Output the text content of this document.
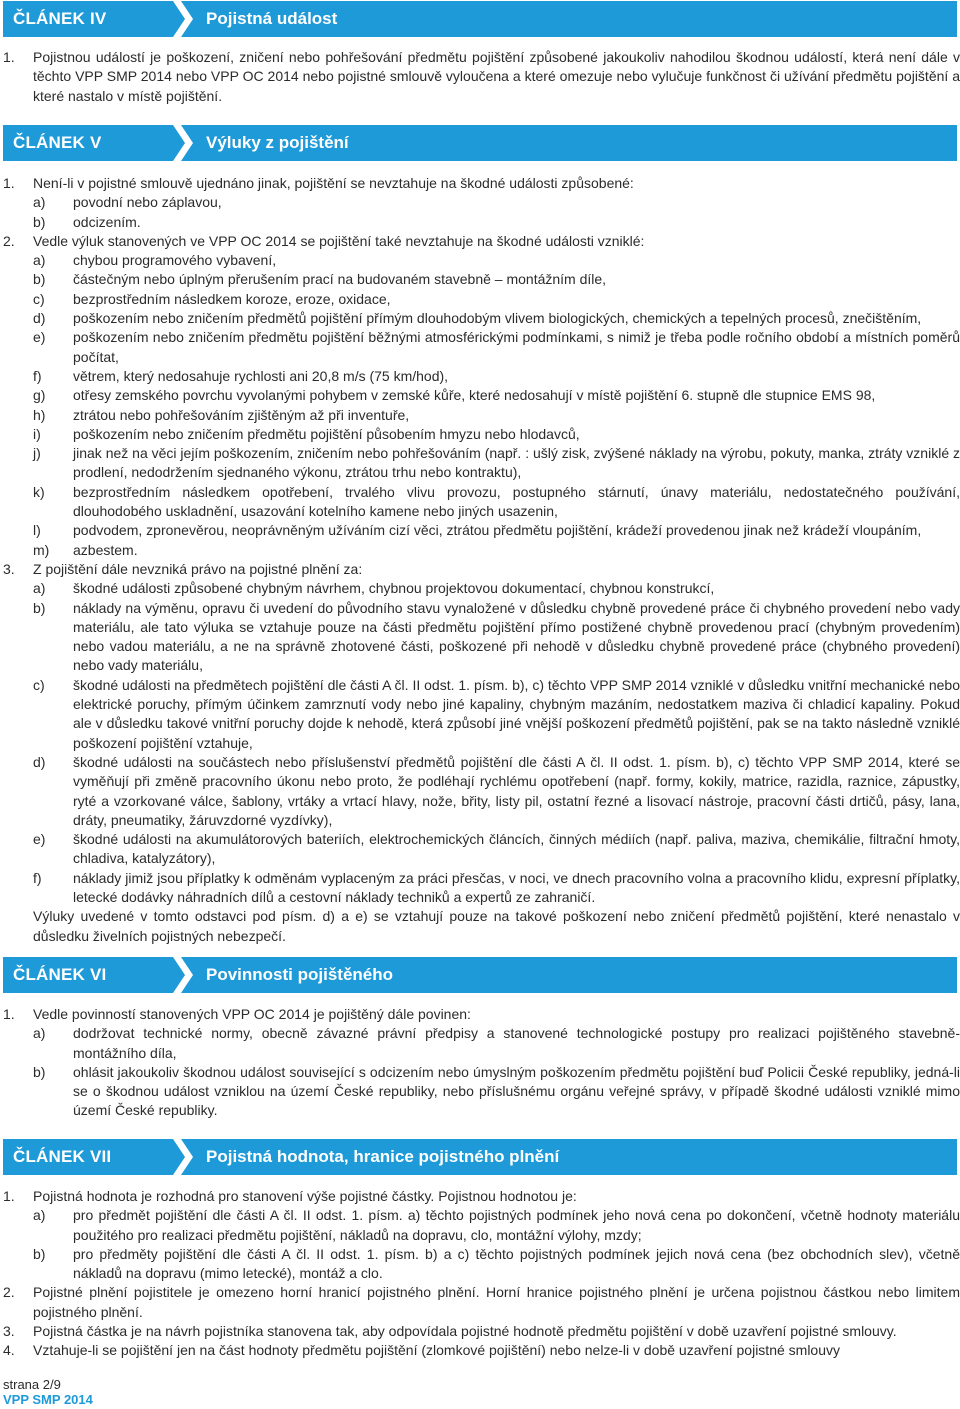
ČLÁNEK IV	Pojistná událost
1. Pojistnou událostí je poškození, zničení nebo pohřešování předmětu pojištění způsobené jakoukoliv nahodilou škodnou událostí, která není dále v těchto VPP SMP 2014 nebo VPP OC 2014 nebo pojistné smlouvě vyloučena a které omezuje nebo vylučuje funkčnost či užívání předmětu pojištění a které nastalo v místě pojištění.
ČLÁNEK V	Výluky z pojištění
1. Není-li v pojistné smlouvě ujednáno jinak, pojištění se nevztahuje na škodné události způsobené:
a) povodní nebo záplavou,
b) odcizením.
2. Vedle výluk stanovených ve VPP OC 2014 se pojištění také nevztahuje na škodné události vzniklé:
a) chybou programového vybavení,
b) částečným nebo úplným přerušením prací na budovaném stavebně – montážním díle,
c) bezprostředním následkem koroze, eroze, oxidace,
d) poškozením nebo zničením předmětů pojištění přímým dlouhodobým vlivem biologických, chemických a tepelných procesů, znečištěním,
e) poškozením nebo zničením předmětu pojištění běžnými atmosférickými podmínkami, s nimiž je třeba podle ročního období a místních poměrů počítat,
f) větrem, který nedosahuje rychlosti ani 20,8 m/s (75 km/hod),
g) otřesy zemského povrchu vyvolanými pohybem v zemské kůře, které nedosahují v místě pojištění 6. stupně dle stupnice EMS 98,
h) ztrátou nebo pohřešováním zjištěným až při inventuře,
i) poškozením nebo zničením předmětu pojištění působením hmyzu nebo hlodavců,
j) jinak než na věci jejím poškozením, zničením nebo pohřešováním (např. : ušlý zisk, zvýšené náklady na výrobu, pokuty, manka, ztráty vzniklé z prodlení, nedodržením sjednaného výkonu, ztrátou trhu nebo kontraktu),
k) bezprostředním následkem opotřebení, trvalého vlivu provozu, postupného stárnutí, únavy materiálu, nedostatečného používání, dlouhodobého uskladnění, usazování kotelního kamene nebo jiných usazenin,
l) podvodem, zpronevěrou, neoprávněným užíváním cizí věci, ztrátou předmětu pojištění, krádeží provedenou jinak než krádeží vloupáním,
m) azbestem.
3. Z pojištění dále nevzniká právo na pojistné plnění za:
a) škodné události způsobené chybným návrhem, chybnou projektovou dokumentací, chybnou konstrukcí,
b) náklady na výměnu, opravu či uvedení do původního stavu vynaložené v důsledku chybně provedené práce či chybného provedení nebo vady materiálu, ale tato výluka se vztahuje pouze na části předmětu pojištění přímo postižené chybně provedenou prací (chybným provedením) nebo vadou materiálu, a ne na správně zhotovené části, poškozené při nehodě v důsledku chybně provedené práce (chybného provedení) nebo vady materiálu,
c) škodné události na předmětech pojištění dle části A čl. II odst. 1. písm. b), c) těchto VPP SMP 2014 vzniklé v důsledku vnitřní mechanické nebo elektrické poruchy, přímým účinkem zamrznutí vody nebo jiné kapaliny, chybným mazáním, nedostatkem maziva či chladicí kapaliny. Pokud ale v důsledku takové vnitřní poruchy dojde k nehodě, která způsobí jiné vnější poškození předmětů pojištění, pak se na takto následně vzniklé poškození pojištění vztahuje,
d) škodné události na součástech nebo příslušenství předmětů pojištění dle části A čl. II odst. 1. písm. b), c) těchto VPP SMP 2014, které se vyměňují při změně pracovního úkonu nebo proto, že podléhají rychlému opotřebení (např. formy, kokily, matrice, razidla, raznice, zápustky, ryté a vzorkované válce, šablony, vrtáky a vrtací hlavy, nože, břity, listy pil, ostatní řezné a lisovací nástroje, pracovní části drtičů, pásy, lana, dráty, pneumatiky, žáruvzdorné vyzdívky),
e) škodné události na akumulátorových bateriích, elektrochemických článcích, činných médiích (např. paliva, maziva, chemikálie, filtrační hmoty, chladiva, katalyzátory),
f) náklady jimiž jsou příplatky k odměnám vyplaceným za práci přesčas, v noci, ve dnech pracovního volna a pracovního klidu, expresní příplatky, letecké dodávky náhradních dílů a cestovní náklady techniků a expertů ze zahraničí.
Výluky uvedené v tomto odstavci pod písm. d) a e) se vztahují pouze na takové poškození nebo zničení předmětů pojištění, které nenastalo v důsledku živelních pojistných nebezpečí.
ČLÁNEK VI	Povinnosti pojištěného
1. Vedle povinností stanovených VPP OC 2014 je pojištěný dále povinen:
a) dodržovat technické normy, obecně závazné právní předpisy a stanovené technologické postupy pro realizaci pojištěného stavebně-montážního díla,
b) ohlásit jakoukoliv škodnou událost související s odcizením nebo úmyslným poškozením předmětu pojištění buď Policii České republiky, jedná-li se o škodnou událost vzniklou na území České republiky, nebo příslušnému orgánu veřejné správy, v případě škodné události vzniklé mimo území České republiky.
ČLÁNEK VII	Pojistná hodnota, hranice pojistného plnění
1. Pojistná hodnota je rozhodná pro stanovení výše pojistné částky. Pojistnou hodnotou je:
a) pro předmět pojištění dle části A čl. II odst. 1. písm. a) těchto pojistných podmínek jeho nová cena po dokončení, včetně hodnoty materiálu použitého pro realizaci předmětu pojištění, nákladů na dopravu, clo, montážní výlohy, mzdy;
b) pro předměty pojištění dle části A čl. II odst. 1. písm. b) a c) těchto pojistných podmínek jejich nová cena (bez obchodních slev), včetně nákladů na dopravu (mimo letecké), montáž a clo.
2. Pojistné plnění pojistitele je omezeno horní hranicí pojistného plnění. Horní hranice pojistného plnění je určena pojistnou částkou nebo limitem pojistného plnění.
3. Pojistná částka je na návrh pojistníka stanovena tak, aby odpovídala pojistné hodnotě předmětu pojištění v době uzavření pojistné smlouvy.
4. Vztahuje-li se pojištění jen na část hodnoty předmětu pojištění (zlomkové pojištění) nebo nelze-li v době uzavření pojistné smlouvy
strana 2/9
VPP SMP 2014
